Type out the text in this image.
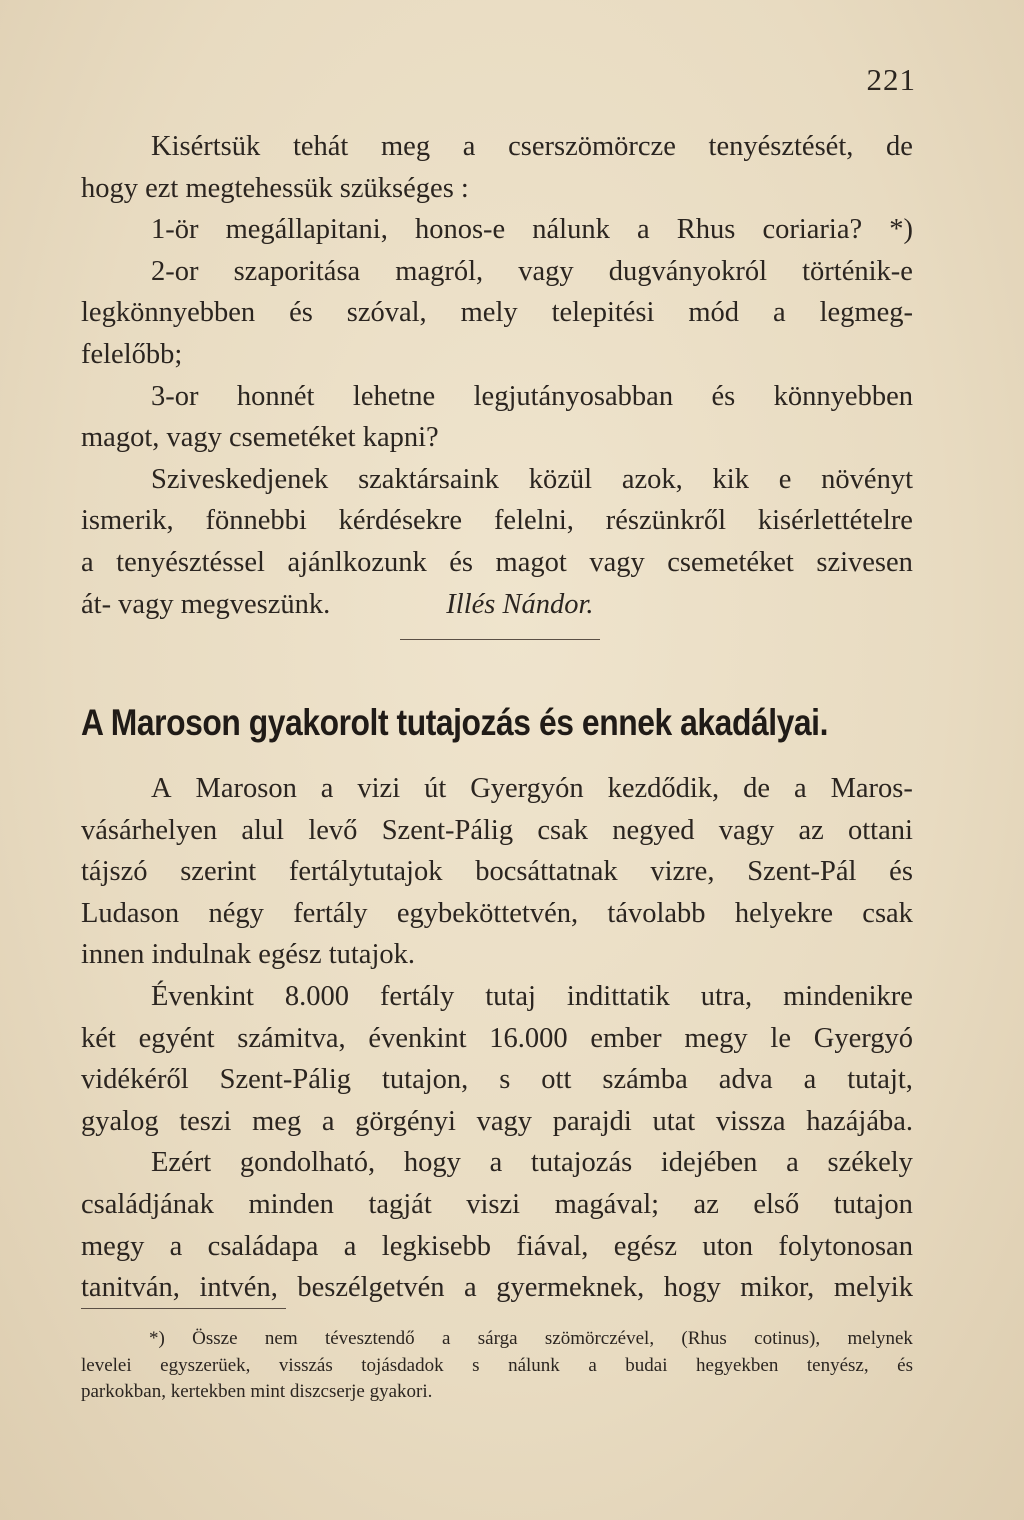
221
Kisértsük tehát meg a cserszömörcze tenyésztését, de
hogy ezt megtehessük szükséges :
1-ör megállapitani, honos-e nálunk a Rhus coriaria? *)
2-or szaporitása magról, vagy dugványokról történik-e
legkönnyebben és szóval, mely telepitési mód a legmeg-
felelőbb;
3-or honnét lehetne legjutányosabban és könnyebben
magot, vagy csemetéket kapni?
Sziveskedjenek szaktársaink közül azok, kik e növényt
ismerik, fönnebbi kérdésekre felelni, részünkről kisérlettételre
a tenyésztéssel ajánlkozunk és magot vagy csemetéket szivesen
át- vagy megveszünk.	Illés Nándor.
A Maroson gyakorolt tutajozás és ennek akadályai.
A Maroson a vizi út Gyergyón kezdődik, de a Maros-
vásárhelyen alul levő Szent-Pálig csak negyed vagy az ottani
tájszó szerint fertálytutajok bocsáttatnak vizre, Szent-Pál és
Ludason négy fertály egybeköttetvén, távolabb helyekre csak
innen indulnak egész tutajok.
Évenkint 8.000 fertály tutaj indittatik utra, mindenikre
két egyént számitva, évenkint 16.000 ember megy le Gyergyó
vidékéről Szent-Pálig tutajon, s ott számba adva a tutajt,
gyalog teszi meg a görgényi vagy parajdi utat vissza hazájába.
Ezért gondolható, hogy a tutajozás idejében a székely
családjának minden tagját viszi magával; az első tutajon
megy a családapa a legkisebb fiával, egész uton folytonosan
tanitván, intvén, beszélgetvén a gyermeknek, hogy mikor, melyik
*) Össze nem tévesztendő a sárga szömörczével, (Rhus cotinus), melynek
levelei egyszerüek, visszás tojásdadok s nálunk a budai hegyekben tenyész, és
parkokban, kertekben mint diszcserje gyakori.
